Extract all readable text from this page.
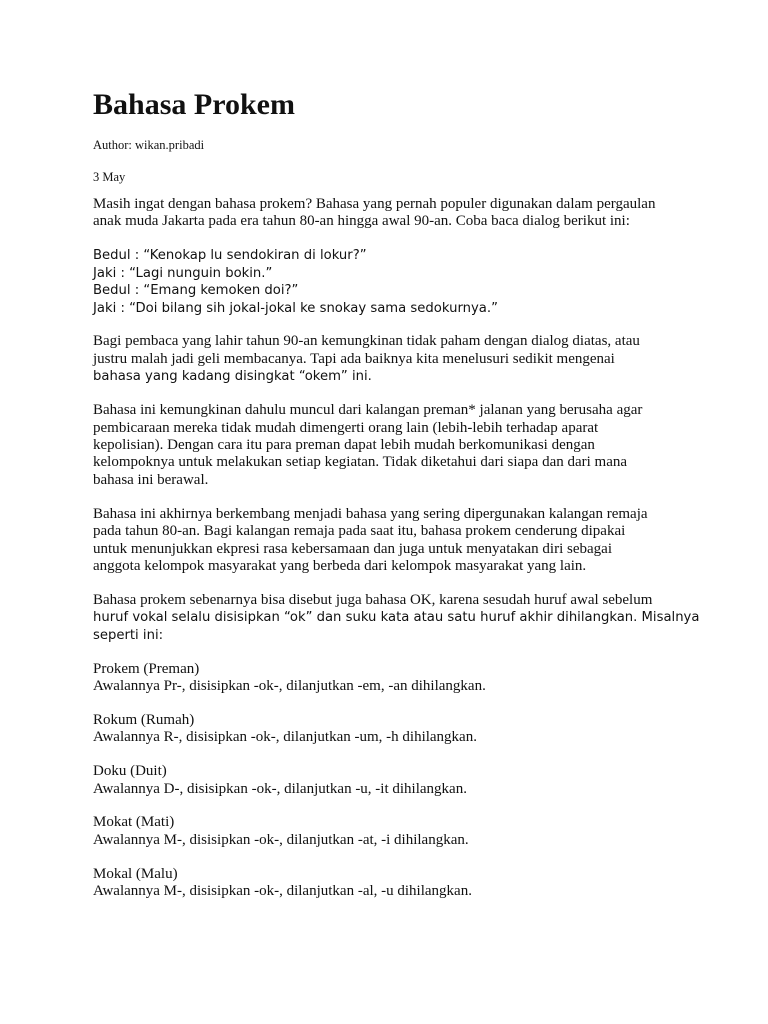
Bahasa Prokem
Author: wikan.pribadi
3 May

Masih ingat dengan bahasa prokem? Bahasa yang pernah populer digunakan dalam pergaulan
anak muda Jakarta pada era tahun 80-an hingga awal 90-an. Coba baca dialog berikut ini:

Bedul : “Kenokap lu sendokiran di lokur?”
Jaki : “Lagi nunguin bokin.”
Bedul : “Emang kemoken doi?”
Jaki : “Doi bilang sih jokal-jokal ke snokay sama sedokurnya.”

Bagi pembaca yang lahir tahun 90-an kemungkinan tidak paham dengan dialog diatas, atau
justru malah jadi geli membacanya. Tapi ada baiknya kita menelusuri sedikit mengenai
bahasa yang kadang disingkat “okem” ini.

Bahasa ini kemungkinan dahulu muncul dari kalangan preman* jalanan yang berusaha agar
pembicaraan mereka tidak mudah dimengerti orang lain (lebih-lebih terhadap aparat
kepolisian). Dengan cara itu para preman dapat lebih mudah berkomunikasi dengan
kelompoknya untuk melakukan setiap kegiatan. Tidak diketahui dari siapa dan dari mana
bahasa ini berawal.

Bahasa ini akhirnya berkembang menjadi bahasa yang sering dipergunakan kalangan remaja
pada tahun 80-an. Bagi kalangan remaja pada saat itu, bahasa prokem cenderung dipakai
untuk menunjukkan ekpresi rasa kebersamaan dan juga untuk menyatakan diri sebagai
anggota kelompok masyarakat yang berbeda dari kelompok masyarakat yang lain.

Bahasa prokem sebenarnya bisa disebut juga bahasa OK, karena sesudah huruf awal sebelum
huruf vokal selalu disisipkan “ok” dan suku kata atau satu huruf akhir dihilangkan. Misalnya
seperti ini:

Prokem (Preman)
Awalannya Pr-, disisipkan -ok-, dilanjutkan -em, -an dihilangkan.

Rokum (Rumah)
Awalannya R-, disisipkan -ok-, dilanjutkan -um, -h dihilangkan.

Doku (Duit)
Awalannya D-, disisipkan -ok-, dilanjutkan -u, -it dihilangkan.

Mokat (Mati)
Awalannya M-, disisipkan -ok-, dilanjutkan -at, -i dihilangkan.

Mokal (Malu)
Awalannya M-, disisipkan -ok-, dilanjutkan -al, -u dihilangkan.
